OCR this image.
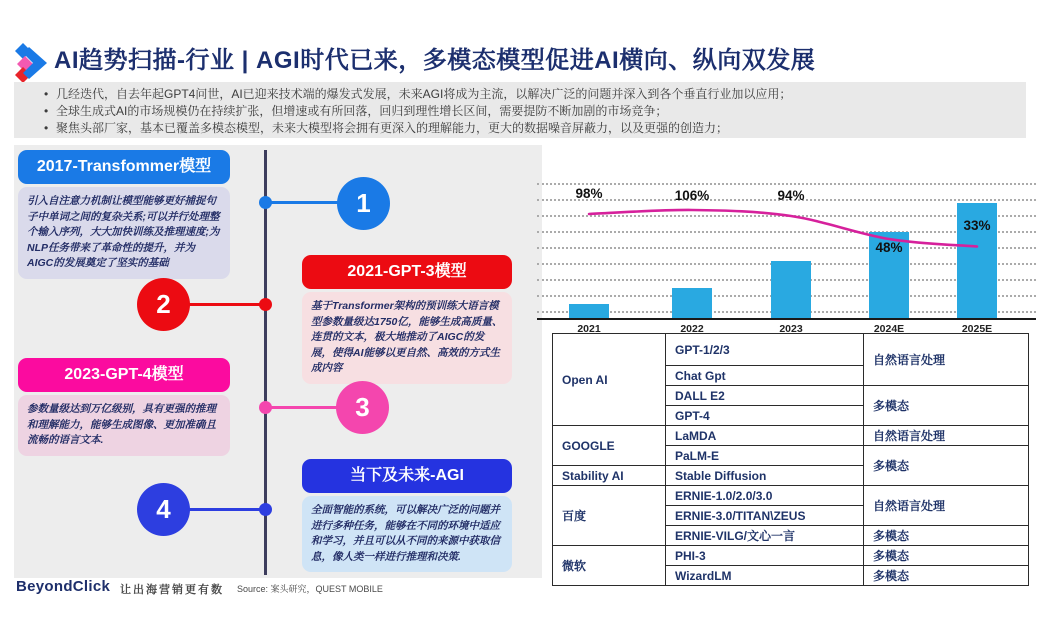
AI趋势扫描-行业 | AGI时代已来，多模态模型促进AI横向、纵向双发展
• 几经迭代，自去年起GPT4问世，AI已迎来技术端的爆发式发展，未来AGI将成为主流，以解决广泛的问题并深入到各个垂直行业加以应用；
• 全球生成式AI的市场规模仍在持续扩张，但增速或有所回落，回归到理性增长区间，需要提防不断加剧的市场竞争；
• 聚焦头部厂家，基本已覆盖多模态模型，未来大模型将会拥有更深入的理解能力，更大的数据噪音屏蔽力，以及更强的创造力；
2017-Transfommer模型
引入自注意力机制让模型能够更好捕捉句子中单词之间的复杂关系;可以并行处理整个输入序列，大大加快训练及推理速度;为NLP任务带来了革命性的提升，并为AIGC的发展奠定了坚实的基础	2021-GPT-3模型
基于Transformer架构的预训练大语言模型参数量级达1750亿，能够生成高质量、连贯的文本，极大地推动了AIGC的发展，使得AI能够以更自然、高效的方式生成内容
2023-GPT-4模型
参数量级达到万亿级别，具有更强的推理和理解能力，能够生成图像、更加准确且流畅的语言文本.
当下及未来-AGI
全面智能的系统，可以解决广泛的问题并进行多种任务，能够在不同的环境中适应和学习，并且可以从不同的来源中获取信息，像人类一样进行推理和决策.
1
2
3
4
98%	106%	94%
48%
33%
2021	2022	2023	2024E	2025E
Open AI	GPT-1/2/3	自然语言处理
	Chat Gpt	
	DALL E2	多模态
	GPT-4	
GOOGLE	LaMDA	自然语言处理
	PaLM-E	多模态
Stability AI	Stable Diffusion	
百度	ERNIE-1.0/2.0/3.0	自然语言处理
	ERNIE-3.0/TITAN\ZEUS	
	ERNIE-VILG/文心一言	多模态
微软	PHI-3	多模态
	WizardLM	多模态
BeyondClick 让出海营销更有数 Source: 案头研究，QUEST MOBILE
